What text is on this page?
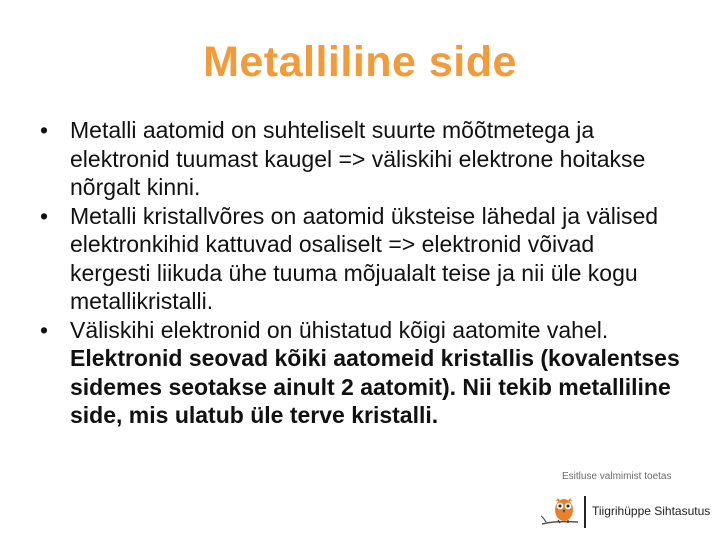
Metalliline side
• Metalli aatomid on suhteliselt suurte mõõtmetega ja elektronid tuumast kaugel => väliskihi elektrone hoitakse nõrgalt kinni.
• Metalli kristallvõres on aatomid üksteise lähedal ja välised elektronkihid kattuvad osaliselt => elektronid võivad kergesti liikuda ühe tuuma mõjualalt teise ja nii üle kogu metallikristalli.
• Väliskihi elektronid on ühistatud kõigi aatomite vahel. Elektronid seovad kõiki aatomeid kristallis (kovalentses sidemes seotakse ainult 2 aatomit). Nii tekib metalliline side, mis ulatub üle terve kristalli.
Esitluse valmimist toetas
Tiigrihüppe Sihtasutus
